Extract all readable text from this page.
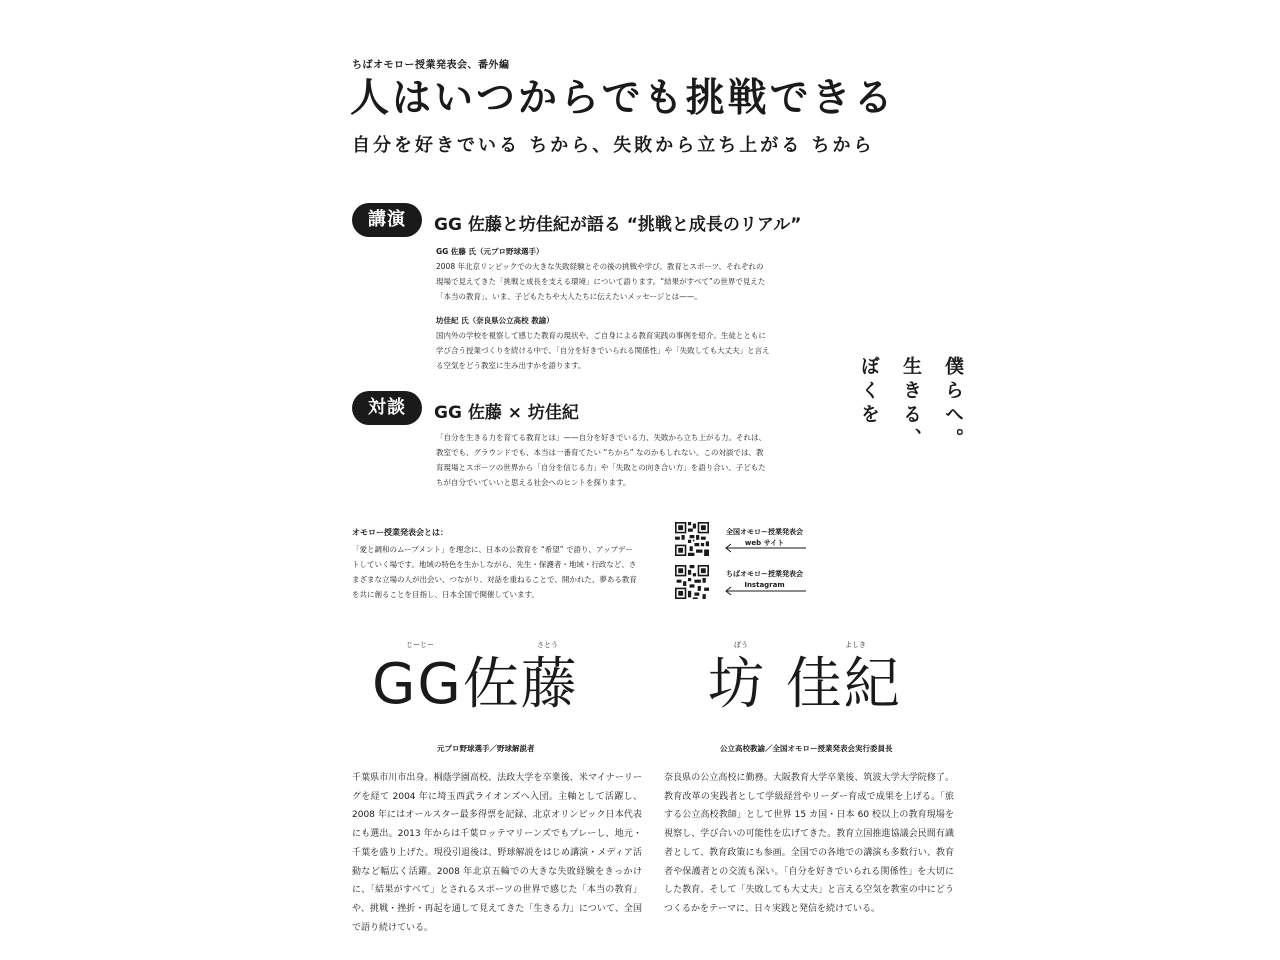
ちばオモロー授業発表会、番外編
人はいつからでも挑戦できる
自分を好きでいる ちから、失敗から立ち上がる ちから
講演	GG 佐藤と坊佳紀が語る “挑戦と成長のリアル”
GG 佐藤 氏（元プロ野球選手）
2008 年北京リンピックでの大きな失敗経験とその後の挑戦や学び。教育とスポーツ、それぞれの現場で見えてきた「挑戦と成長を支える環境」について語ります。“結果がすべて”の世界で見えた「本当の教育」、いま、子どもたちや大人たちに伝えたいメッセージとは——。
坊佳紀 氏（奈良県公立高校 教諭）
国内外の学校を視察して感じた教育の現状や、ご自身による教育実践の事例を紹介。生徒とともに学び合う授業づくりを続ける中で、「自分を好きでいられる関係性」や「失敗しても大丈夫」と言える空気をどう教室に生み出すかを語ります。
対談	GG 佐藤 × 坊佳紀
「自分を生きる力を育てる教育とは」——自分を好きでいる力、失敗から立ち上がる力。それは、教室でも、グラウンドでも、本当は一番育てたい “ちから” なのかもしれない。この対談では、教育現場とスポーツの世界から「自分を信じる力」や「失敗との向き合い方」を語り合い、子どもたちが自分でいていいと思える社会へのヒントを探ります。
僕らへ。
生きる、
ぼくを
オモロー授業発表会とは：
「愛と調和のムーブメント」を理念に、日本の公教育を “希望” で語り、アップデートしていく場です。地域の特色を生かしながら、先生・保護者・地域・行政など、さまざまな立場の人が出会い、つながり、対話を重ねることで、開かれた、夢ある教育を共に創ることを目指し、日本全国で開催しています。
全国オモロー授業発表会
web サイト
ちばオモロー授業発表会
Instagram
じーじー	さとう
GG佐藤
元プロ野球選手／野球解説者
千葉県市川市出身。桐蔭学園高校、法政大学を卒業後、米マイナーリーグを経て 2004 年に埼玉西武ライオンズへ入団。主軸として活躍し、2008 年にはオールスター最多得票を記録、北京オリンピック日本代表にも選出。2013 年からは千葉ロッテマリーンズでもプレーし、地元・千葉を盛り上げた。現役引退後は、野球解説をはじめ講演・メディア活動など幅広く活躍。2008 年北京五輪での大きな失敗経験をきっかけに、「結果がすべて」とされるスポーツの世界で感じた「本当の教育」や、挑戦・挫折・再起を通して見えてきた「生きる力」について、全国で語り続けている。
ぼう	よしき
坊 佳紀
公立高校教諭／全国オモロー授業発表会実行委員長
奈良県の公立高校に勤務。大阪教育大学卒業後、筑波大学大学院修了。教育改革の実践者として学級経営やリーダー育成で成果を上げる。「旅する公立高校教師」として世界 15 カ国・日本 60 校以上の教育現場を視察し、学び合いの可能性を広げてきた。教育立国推進協議会民間有識者として、教育政策にも参画。全国での各地での講演も多数行い、教育者や保護者との交流も深い。「自分を好きでいられる関係性」を大切にした教育、そして「失敗しても大丈夫」と言える空気を教室の中にどうつくるかをテーマに、日々実践と発信を続けている。
